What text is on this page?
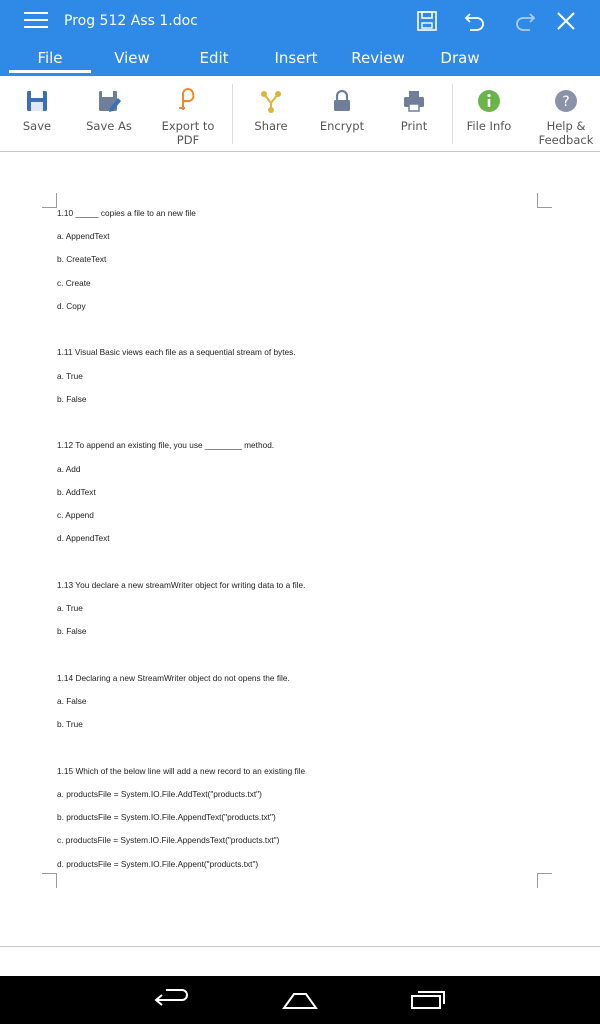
Prog 512 Ass 1.doc
File	View	Edit	Insert	Review	Draw
Save	Save As	Export to
PDF
Share	Encrypt	Print	File Info
?
Help &
Feedback
1.10 _____ copies a file to an new file
a. AppendText
b. CreateText
c. Create
d. Copy
1.11 Visual Basic views each file as a sequential stream of bytes.
a. True
b. False
1.12 To append an existing file, you use ________ method.
a. Add
b. AddText
c. Append
d. AppendText
1.13 You declare a new streamWriter object for writing data to a file.
a. True
b. False
1.14 Declaring a new StreamWriter object do not opens the file.
a. False
b. True
1.15 Which of the below line will add a new record to an existing file
a. productsFile = System.IO.File.AddText("products.txt")
b. productsFile = System.IO.File.AppendText("products.txt")
c. productsFile = System.IO.File.AppendsText("products.txt")
d. productsFile = System.IO.File.Appent("products.txt")
